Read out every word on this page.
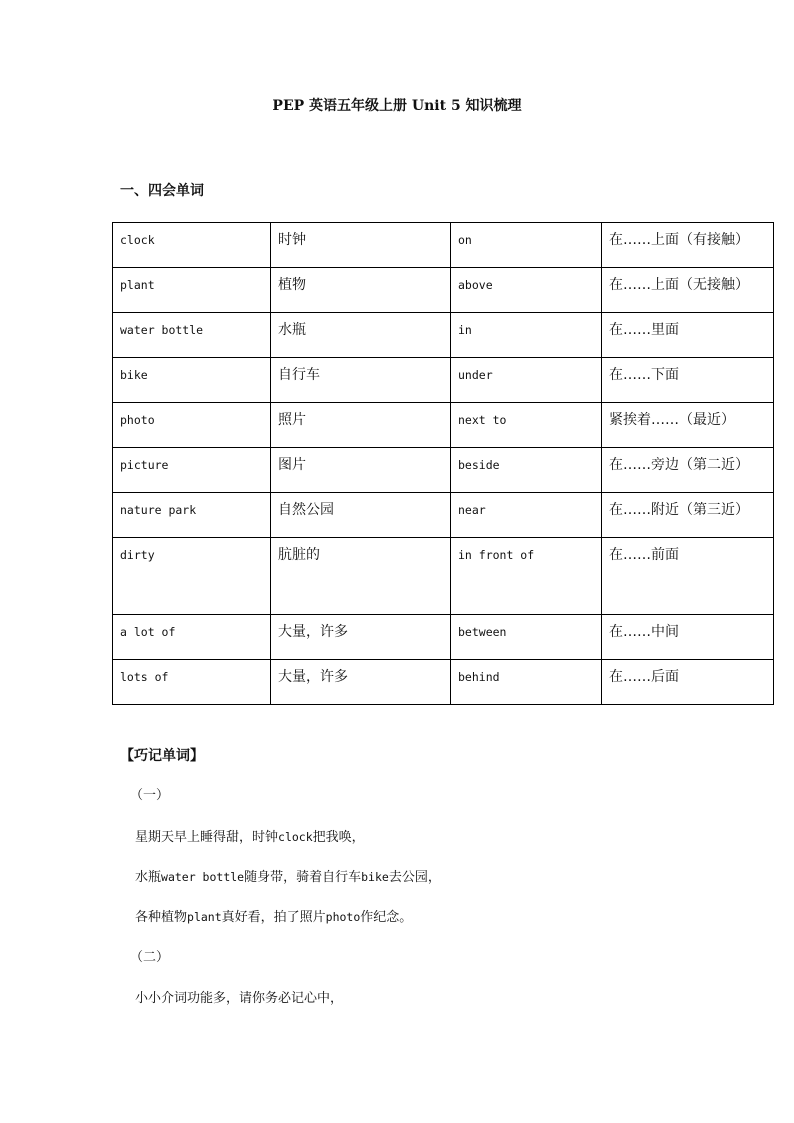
PEP 英语五年级上册 Unit 5 知识梳理
一、四会单词
clock	时钟	on	在……上面（有接触）
plant	植物	above	在……上面（无接触）
water bottle	水瓶	in	在……里面
bike	自行车	under	在……下面
photo	照片	next to	紧挨着……（最近）
picture	图片	beside	在……旁边（第二近）
nature park	自然公园	near	在……附近（第三近）
dirty	肮脏的	in front of	在……前面
a lot of	大量，许多	between	在……中间
lots of	大量，许多	behind	在……后面
【巧记单词】
（一）
星期天早上睡得甜，时钟clock把我唤，
水瓶water bottle随身带，骑着自行车bike去公园，
各种植物plant真好看，拍了照片photo作纪念。
（二）
小小介词功能多，请你务必记心中，
